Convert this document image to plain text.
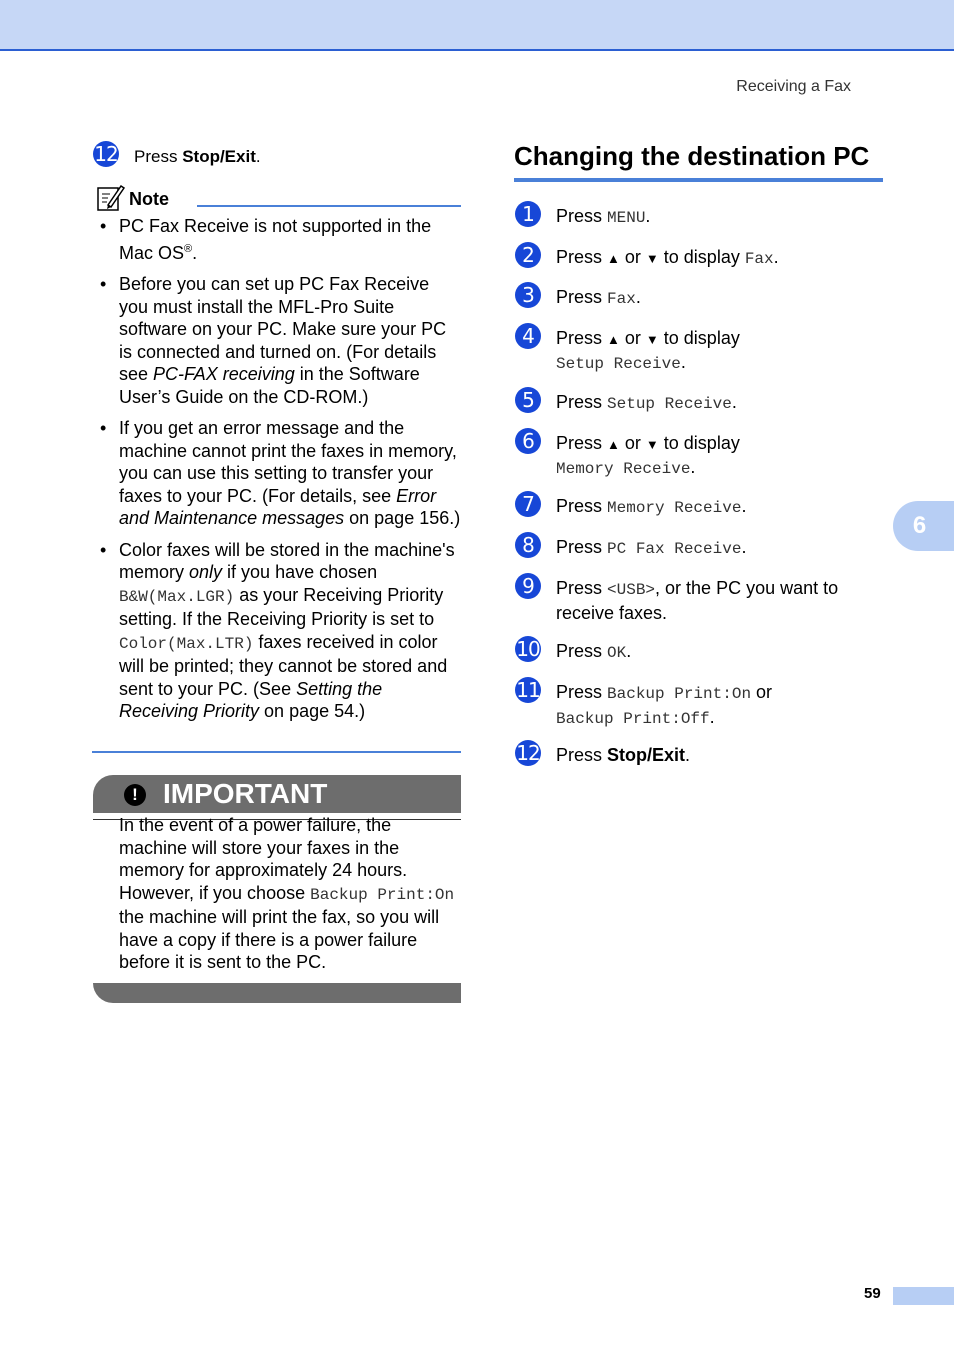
Receiving a Fax
6
12 Press Stop/Exit.
Note
• PC Fax Receive is not supported in the Mac OS®.
• Before you can set up PC Fax Receive you must install the MFL-Pro Suite software on your PC. Make sure your PC is connected and turned on. (For details see PC-FAX receiving in the Software User’s Guide on the CD-ROM.)
• If you get an error message and the machine cannot print the faxes in memory, you can use this setting to transfer your faxes to your PC. (For details, see Error and Maintenance messages on page 156.)
• Color faxes will be stored in the machine's memory only if you have chosen B&W(Max.LGR) as your Receiving Priority setting. If the Receiving Priority is set to Color(Max.LTR) faxes received in color will be printed; they cannot be stored and sent to your PC. (See Setting the Receiving Priority on page 54.)
! IMPORTANT
In the event of a power failure, the machine will store your faxes in the memory for approximately 24 hours. However, if you choose Backup Print:On the machine will print the fax, so you will have a copy if there is a power failure before it is sent to the PC.
Changing the destination PC
1	Press MENU.
2	Press ▲ or ▼ to display Fax.
3	Press Fax.
4	Press ▲ or ▼ to display
Setup Receive.
5	Press Setup Receive.
6	Press ▲ or ▼ to display
Memory Receive.
7	Press Memory Receive.
8	Press PC Fax Receive.
9	Press <USB>, or the PC you want to receive faxes.
10 Press OK.
11 Press Backup Print:On or
Backup Print:Off.
12 Press Stop/Exit.
59
